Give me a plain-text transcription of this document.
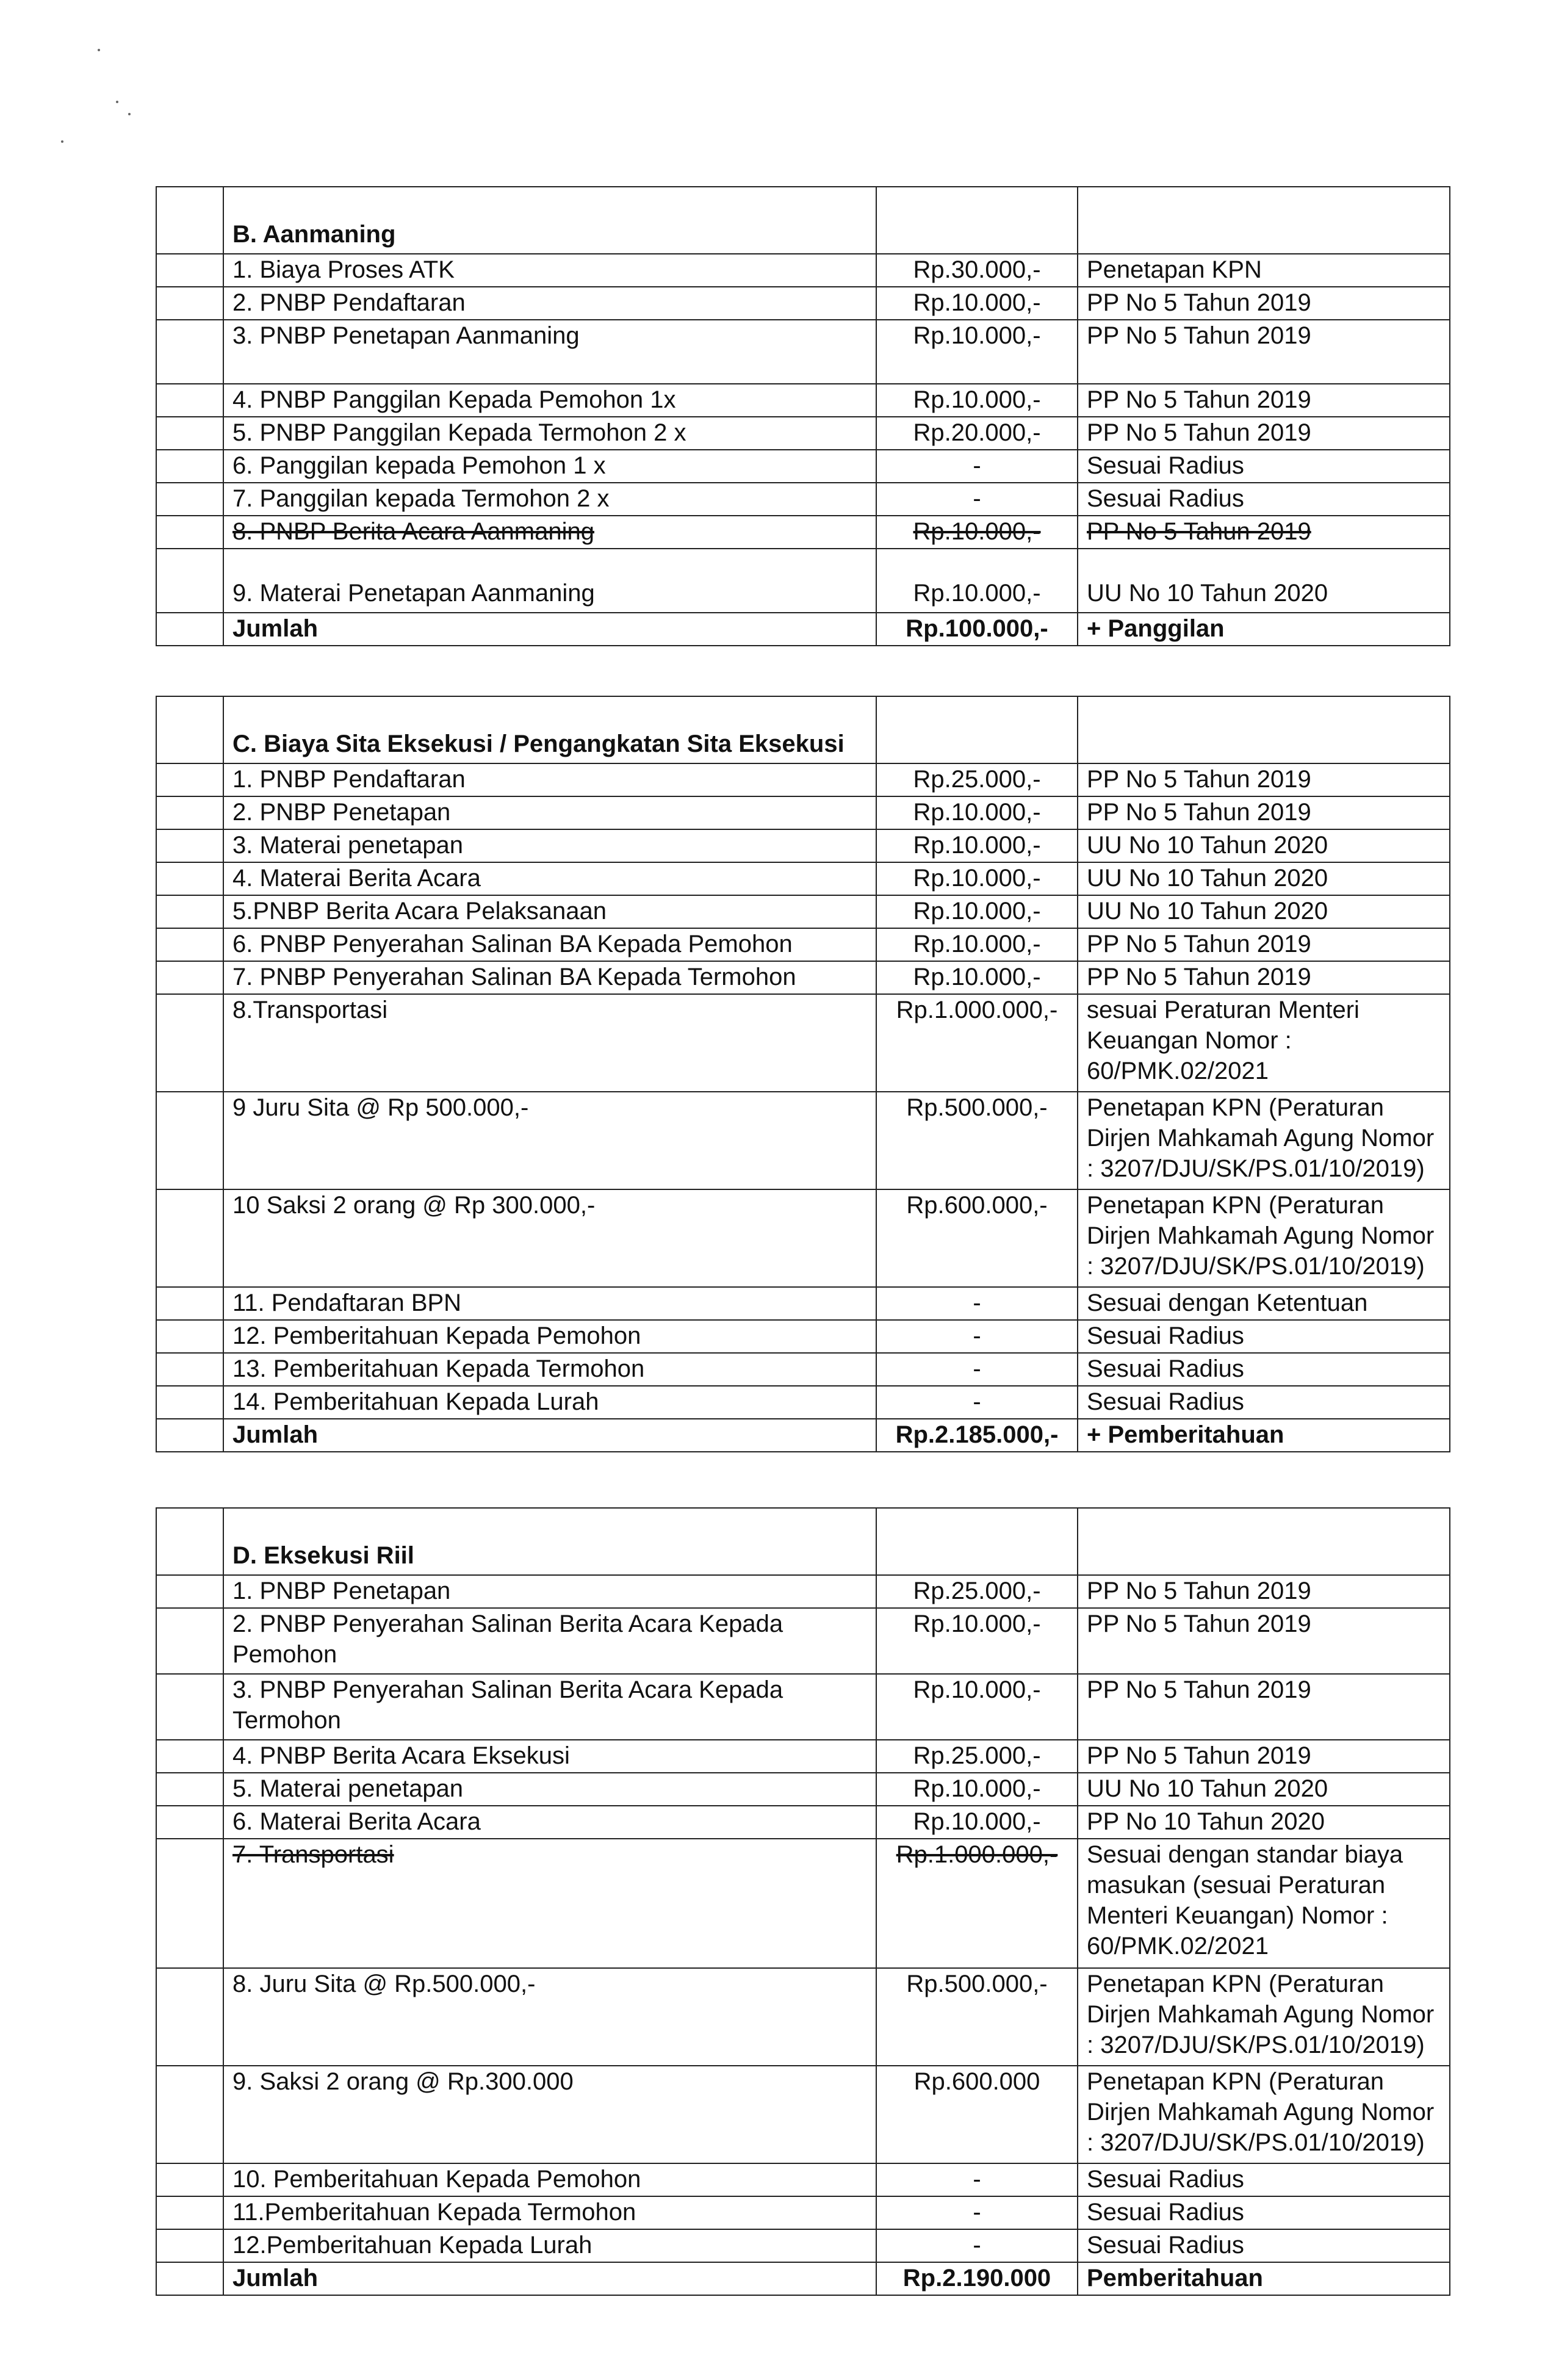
	B. Aanmaning		
	1. Biaya Proses ATK	Rp.30.000,-	Penetapan KPN
	2. PNBP Pendaftaran	Rp.10.000,-	PP No 5 Tahun 2019
	3. PNBP Penetapan Aanmaning	Rp.10.000,-	PP No 5 Tahun 2019
	4. PNBP Panggilan Kepada Pemohon 1x	Rp.10.000,-	PP No 5 Tahun 2019
	5. PNBP Panggilan Kepada Termohon 2 x	Rp.20.000,-	PP No 5 Tahun 2019
	6. Panggilan kepada Pemohon 1 x	-	Sesuai Radius
	7. Panggilan kepada Termohon 2 x	-	Sesuai Radius
	8. PNBP Berita Acara Aanmaning	Rp.10.000,-	PP No 5 Tahun 2019
	9. Materai Penetapan Aanmaning	Rp.10.000,-	UU No 10 Tahun 2020
	Jumlah	Rp.100.000,-	+ Panggilan
	C. Biaya Sita Eksekusi / Pengangkatan Sita Eksekusi		
	1. PNBP Pendaftaran	Rp.25.000,-	PP No 5 Tahun 2019
	2. PNBP Penetapan	Rp.10.000,-	PP No 5 Tahun 2019
	3. Materai penetapan	Rp.10.000,-	UU No 10 Tahun 2020
	4. Materai Berita Acara	Rp.10.000,-	UU No 10 Tahun 2020
	5.PNBP Berita Acara Pelaksanaan	Rp.10.000,-	UU No 10 Tahun 2020
	6. PNBP Penyerahan Salinan BA Kepada Pemohon	Rp.10.000,-	PP No 5 Tahun 2019
	7. PNBP Penyerahan Salinan BA Kepada Termohon	Rp.10.000,-	PP No 5 Tahun 2019
	8.Transportasi	Rp.1.000.000,-	sesuai Peraturan Menteri Keuangan Nomor : 60/PMK.02/2021
	9 Juru Sita @ Rp 500.000,-	Rp.500.000,-	Penetapan KPN (Peraturan Dirjen Mahkamah Agung Nomor : 3207/DJU/SK/PS.01/10/2019)
	10 Saksi 2 orang @ Rp 300.000,-	Rp.600.000,-	Penetapan KPN (Peraturan Dirjen Mahkamah Agung Nomor : 3207/DJU/SK/PS.01/10/2019)
	11. Pendaftaran BPN	-	Sesuai dengan Ketentuan
	12. Pemberitahuan Kepada Pemohon	-	Sesuai Radius
	13. Pemberitahuan Kepada Termohon	-	Sesuai Radius
	14. Pemberitahuan Kepada Lurah	-	Sesuai Radius
	Jumlah	Rp.2.185.000,-	+ Pemberitahuan
	D. Eksekusi Riil		
	1. PNBP Penetapan	Rp.25.000,-	PP No 5 Tahun 2019
	2. PNBP Penyerahan Salinan Berita Acara Kepada Pemohon	Rp.10.000,-	PP No 5 Tahun 2019
	3. PNBP Penyerahan Salinan Berita Acara Kepada Termohon	Rp.10.000,-	PP No 5 Tahun 2019
	4. PNBP Berita Acara Eksekusi	Rp.25.000,-	PP No 5 Tahun 2019
	5. Materai penetapan	Rp.10.000,-	UU No 10 Tahun 2020
	6. Materai Berita Acara	Rp.10.000,-	PP No 10 Tahun 2020
	7. Transportasi	Rp.1.000.000,-	Sesuai dengan standar biaya masukan (sesuai Peraturan Menteri Keuangan) Nomor : 60/PMK.02/2021
	8. Juru Sita @ Rp.500.000,-	Rp.500.000,-	Penetapan KPN (Peraturan Dirjen Mahkamah Agung Nomor : 3207/DJU/SK/PS.01/10/2019)
	9. Saksi 2 orang @ Rp.300.000	Rp.600.000	Penetapan KPN (Peraturan Dirjen Mahkamah Agung Nomor : 3207/DJU/SK/PS.01/10/2019)
	10. Pemberitahuan Kepada Pemohon	-	Sesuai Radius
	11.Pemberitahuan Kepada Termohon	-	Sesuai Radius
	12.Pemberitahuan Kepada Lurah	-	Sesuai Radius
	Jumlah	Rp.2.190.000	Pemberitahuan
